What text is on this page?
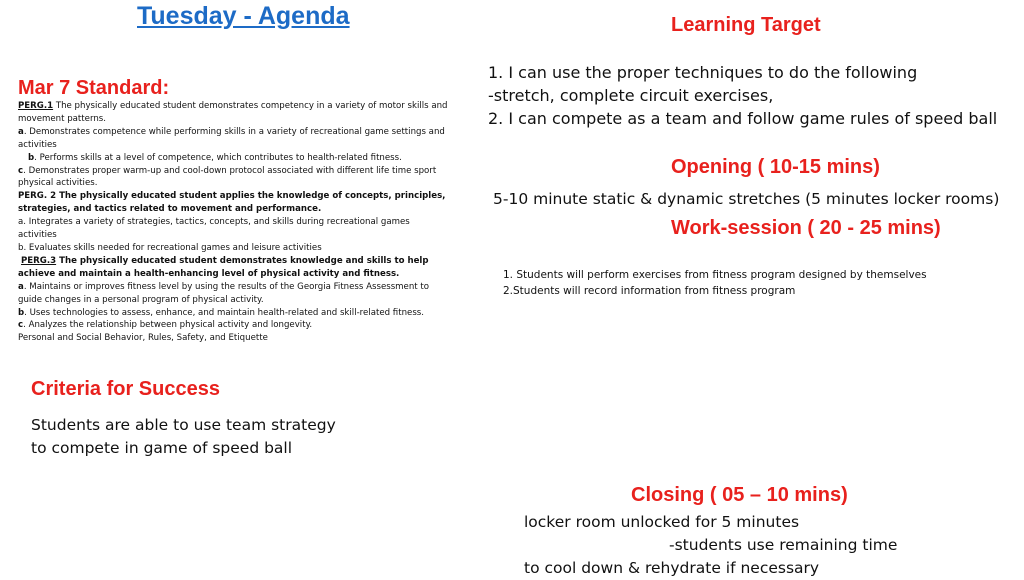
Tuesday - Agenda	Learning Target
1. I can use the proper techniques to do the following
-stretch, complete circuit exercises,
2. I can compete as a team and follow game rules of speed ball
Mar 7 Standard:
PERG.1 The physically educated student demonstrates competency in a variety of motor skills and movement patterns.
a. Demonstrates competence while performing skills in a variety of recreational game settings and activities
b. Performs skills at a level of competence, which contributes to health-related fitness.
c. Demonstrates proper warm-up and cool-down protocol associated with different life time sport physical activities.
PERG. 2 The physically educated student applies the knowledge of concepts, principles, strategies, and tactics related to movement and performance.
a. Integrates a variety of strategies, tactics, concepts, and skills during recreational games activities
b. Evaluates skills needed for recreational games and leisure activities
PERG.3 The physically educated student demonstrates knowledge and skills to help achieve and maintain a health-enhancing level of physical activity and fitness.
a. Maintains or improves fitness level by using the results of the Georgia Fitness Assessment to guide changes in a personal program of physical activity.
b. Uses technologies to assess, enhance, and maintain health-related and skill-related fitness.
c. Analyzes the relationship between physical activity and longevity.
Personal and Social Behavior, Rules, Safety, and Etiquette
Opening ( 10-15 mins)
5-10 minute static & dynamic stretches (5 minutes locker rooms)
Work-session ( 20 - 25 mins)
1. Students will perform exercises from fitness program designed by themselves
2.Students will record information from fitness program
Criteria for Success
Students are able to use team strategy
to compete in game of speed ball
Closing ( 05 – 10 mins)
locker room unlocked for 5 minutes
-students use remaining time
to cool down & rehydrate if necessary
